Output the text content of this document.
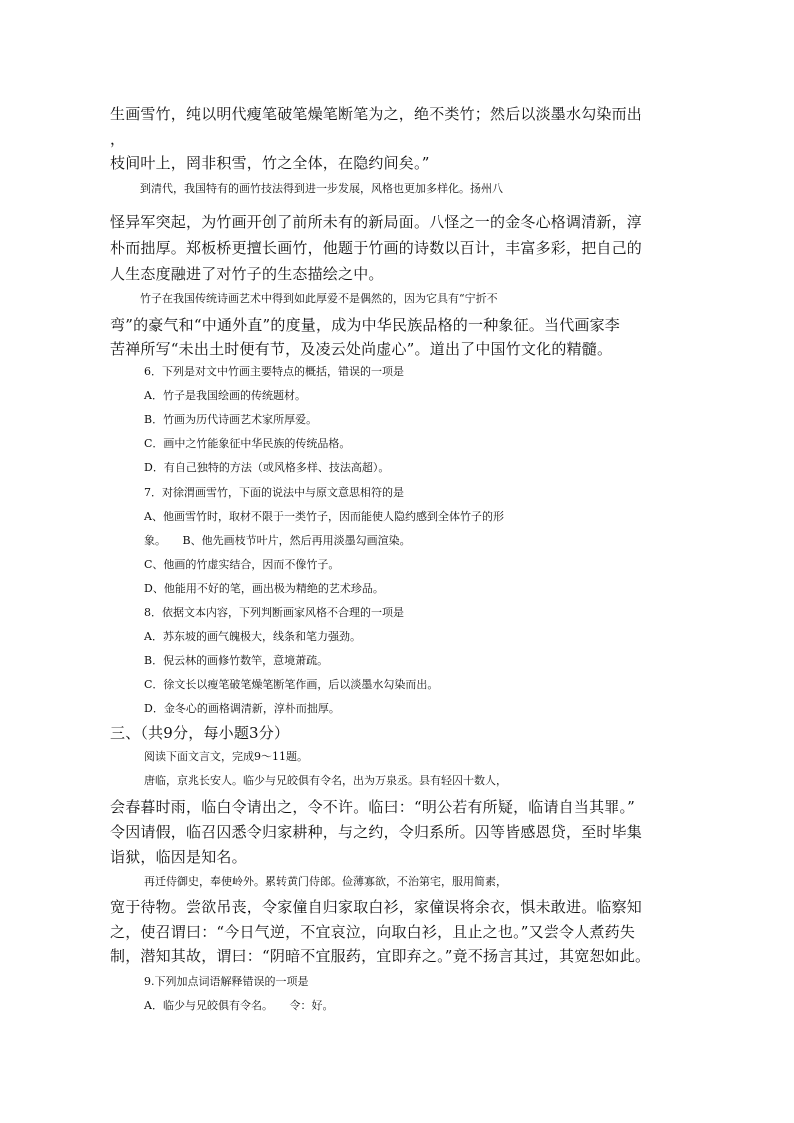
生画雪竹，纯以明代瘦笔破笔燥笔断笔为之，绝不类竹；然后以淡墨水勾染而出
，
枝间叶上，罔非积雪，竹之全体，在隐约间矣。”
到清代，我国特有的画竹技法得到进一步发展，风格也更加多样化。扬州八
怪异军突起，为竹画开创了前所未有的新局面。八怪之一的金冬心格调清新，淳
朴而拙厚。郑板桥更擅长画竹，他题于竹画的诗数以百计，丰富多彩，把自己的
人生态度融进了对竹子的生态描绘之中。
竹子在我国传统诗画艺术中得到如此厚爱不是偶然的，因为它具有“宁折不
弯”的豪气和“中通外直”的度量，成为中华民族品格的一种象征。当代画家李
苦禅所写“未出土时便有节，及凌云处尚虚心”。道出了中国竹文化的精髓。
6．下列是对文中竹画主要特点的概括，错误的一项是
A．竹子是我国绘画的传统题材。
B．竹画为历代诗画艺术家所厚爱。
C．画中之竹能象征中华民族的传统品格。
D．有自己独特的方法（或风格多样、技法高超）。
7．对徐渭画雪竹，下面的说法中与原文意思相符的是
A、他画雪竹时，取材不限于一类竹子，因而能使人隐约感到全体竹子的形
象。　　B、他先画枝节叶片，然后再用淡墨勾画渲染。
C、他画的竹虚实结合，因而不像竹子。
D、他能用不好的笔，画出极为精绝的艺术珍品。
8．依据文本内容，下列判断画家风格不合理的一项是
A．苏东坡的画气魄极大，线条和笔力强劲。
B．倪云林的画修竹数竿，意境萧疏。
C．徐文长以瘦笔破笔燥笔断笔作画，后以淡墨水勾染而出。
D．金冬心的画格调清新，淳朴而拙厚。
三、（共9分，每小题3分）
阅读下面文言文，完成9～11题。
唐临，京兆长安人。临少与兄皎俱有令名，出为万泉丞。县有轻囚十数人，
会春暮时雨，临白令请出之，令不许。临曰：“明公若有所疑，临请自当其罪。”
令因请假，临召囚悉令归家耕种，与之约，令归系所。囚等皆感恩贷，至时毕集
诣狱，临因是知名。
再迁侍御史，奉使岭外。累转黄门侍郎。俭薄寡欲，不治第宅，服用简素，
宽于待物。尝欲吊丧，令家僮自归家取白衫，家僮误将余衣，惧未敢进。临察知
之，使召谓曰：“今日气逆，不宜哀泣，向取白衫，且止之也。”又尝令人煮药失
制，潜知其故，谓曰：“阴暗不宜服药，宜即弃之。”竟不扬言其过，其宽恕如此。
9.下列加点词语解释错误的一项是
A．临少与兄皎俱有令名。　　令：好。
